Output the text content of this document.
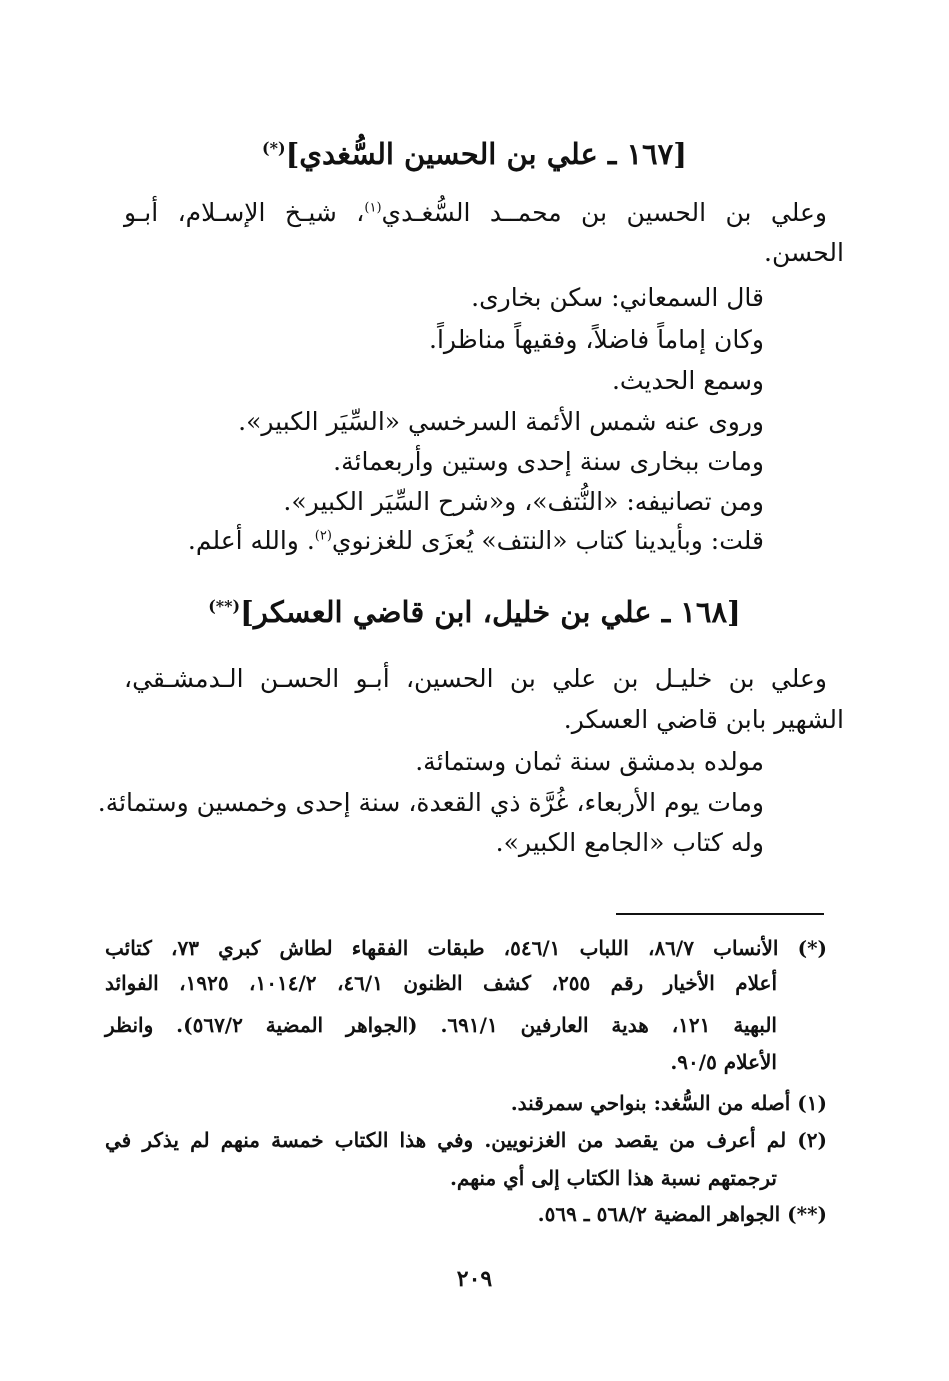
[١٦٧ ـ علي بن الحسين السُّغدي](*)
وعلي بن الحسين بن محمــد السُّغـدي$^{(١)}$، شيـخ الإسـلام، أبـو
الحسن.
قال السمعاني: سكن بخارى.
وكان إماماً فاضلاً، وفقيهاً مناظراً.
وسمع الحديث.
وروى عنه شمس الأئمة السرخسي «السِّيَر الكبير».
ومات ببخارى سنة إحدى وستين وأربعمائة.
ومن تصانيفه: «النُّتف»، و«شرح السِّيَر الكبير».
قلت: وبأيدينا كتاب «النتف» يُعزَى للغزنوي$^{(٢)}$. والله أعلم.
[١٦٨ ـ علي بن خليل، ابن قاضي العسكر](**)
وعلي بن خليـل بن علي بن الحسين، أبـو الحسـن الـدمشـقي،
الشهير بابن قاضي العسكر.
مولده بدمشق سنة ثمان وستمائة.
ومات يوم الأربعاء، غُرَّة ذي القعدة، سنة إحدى وخمسين وستمائة.
وله كتاب «الجامع الكبير».
(*) الأنساب ٨٦/٧، اللباب ٥٤٦/١، طبقات الفقهاء لطاش كبري ٧٣، كتائب
أعلام الأخيار رقم ٢٥٥، كشف الظنون ٤٦/١، ١٠١٤/٢، ١٩٢٥، الفوائد
البهية ١٢١، هدية العارفين ٦٩١/١. (الجواهر المضية ٥٦٧/٢). وانظر
الأعلام ٩٠/٥.
(١) أصله من السُّغد: بنواحي سمرقند.
(٢) لم أعرف من يقصد من الغزنويين. وفي هذا الكتاب خمسة منهم لم يذكر في
ترجمتهم نسبة هذا الكتاب إلى أي منهم.
(**) الجواهر المضية ٥٦٨/٢ ـ ٥٦٩.
٢٠٩
